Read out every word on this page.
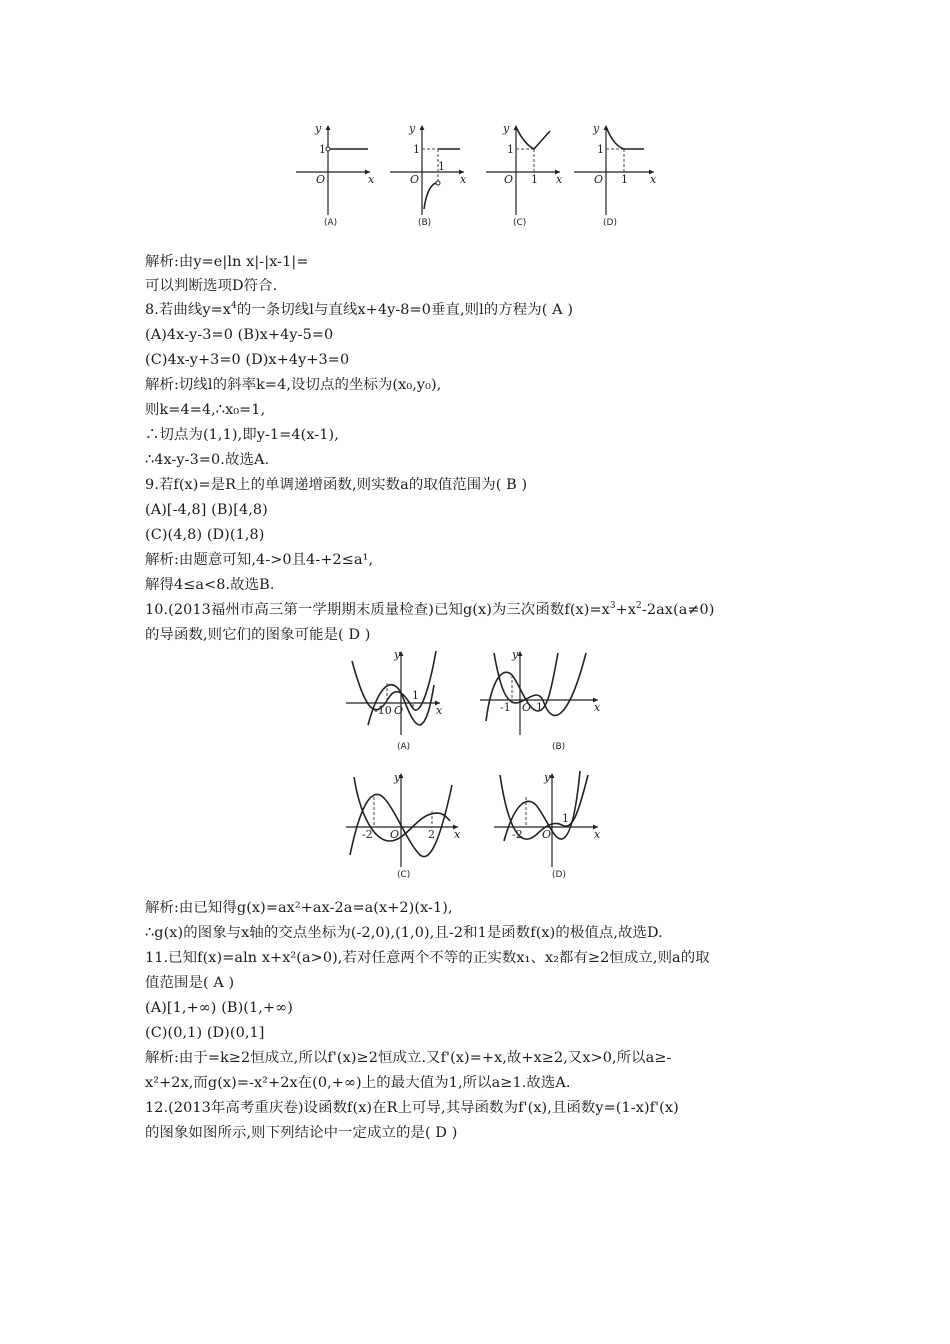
y
1
O	x
(A)
y
1
1
O	x
(B)
y
1
O 1 x
(C)
y
1
O 1 x
(D)
解析:由y=e|ln x|-|x-1|=
可以判断选项D符合.
8.若曲线$y=x^4$的一条切线l与直线x+4y-8=0垂直,则l的方程为( A )
(A)4x-y-3=0 (B)x+4y-5=0
(C)4x-y+3=0 (D)x+4y+3=0
解析:切线l的斜率k=4,设切点的坐标为(x₀,y₀),
则k=4=4,∴x₀=1,
∴切点为(1,1),即y-1=4(x-1),
∴4x-y-3=0.故选A.
9.若f(x)=是R上的单调递增函数,则实数a的取值范围为( B )
(A)[-4,8] (B)[4,8)
(C)(4,8) (D)(1,8)
解析:由题意可知,4->0且4-+2≤a¹,
解得4≤a<8.故选B.
10.(2013福州市高三第一学期期末质量检查)已知g(x)为三次函数$f(x)=x^3+x^2-2ax(a\ne 0)$
的导函数,则它们的图象可能是( D )
y
-10 O
1
x
(A)
y
-1 O 1	x
(B)
y
-2 O	2 x
(C)
y
-2 O
1
x
(D)
解析:由已知得g(x)=ax²+ax-2a=a(x+2)(x-1),
∴g(x)的图象与x轴的交点坐标为(-2,0),(1,0),且-2和1是函数f(x)的极值点,故选D.
11.已知f(x)=aln x+x²(a>0),若对任意两个不等的正实数x₁、x₂都有≥2恒成立,则a的取
值范围是( A )
(A)[1,+∞) (B)(1,+∞)
(C)(0,1) (D)(0,1]
解析:由于=k≥2恒成立,所以f'(x)≥2恒成立.又f'(x)=+x,故+x≥2,又x>0,所以a≥-
x²+2x,而g(x)=-x²+2x在(0,+∞)上的最大值为1,所以a≥1.故选A.
12.(2013年高考重庆卷)设函数f(x)在R上可导,其导函数为f'(x),且函数y=(1-x)f'(x)
的图象如图所示,则下列结论中一定成立的是( D )
